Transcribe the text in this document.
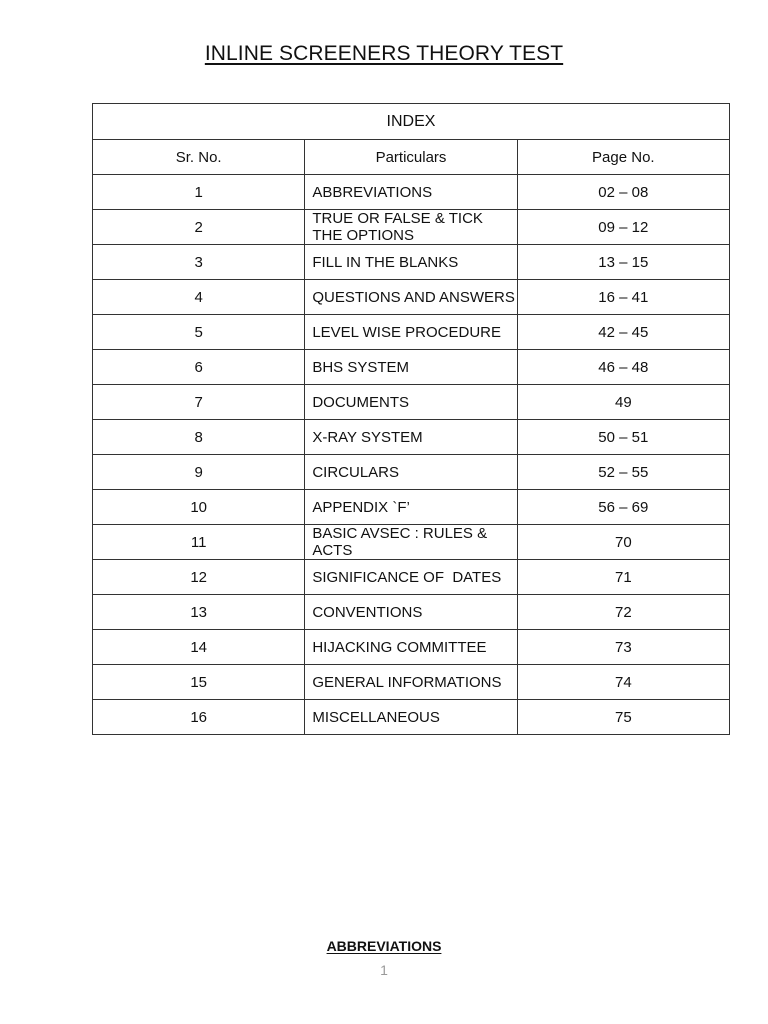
INLINE SCREENERS THEORY TEST
INDEX		
Sr. No.	Particulars	Page No.
1	ABBREVIATIONS	02 – 08
2	TRUE OR FALSE & TICK THE OPTIONS	09 – 12
3	FILL IN THE BLANKS	13 – 15
4	QUESTIONS AND ANSWERS	16 – 41
5	LEVEL WISE PROCEDURE	42 – 45
6	BHS SYSTEM	46 – 48
7	DOCUMENTS	49
8	X-RAY SYSTEM	50 – 51
9	CIRCULARS	52 – 55
10	APPENDIX `F’	56 – 69
11	BASIC AVSEC : RULES & ACTS	70
12	SIGNIFICANCE OF  DATES	71
13	CONVENTIONS	72
14	HIJACKING COMMITTEE	73
15	GENERAL INFORMATIONS	74
16	MISCELLANEOUS	75
ABBREVIATIONS
1
